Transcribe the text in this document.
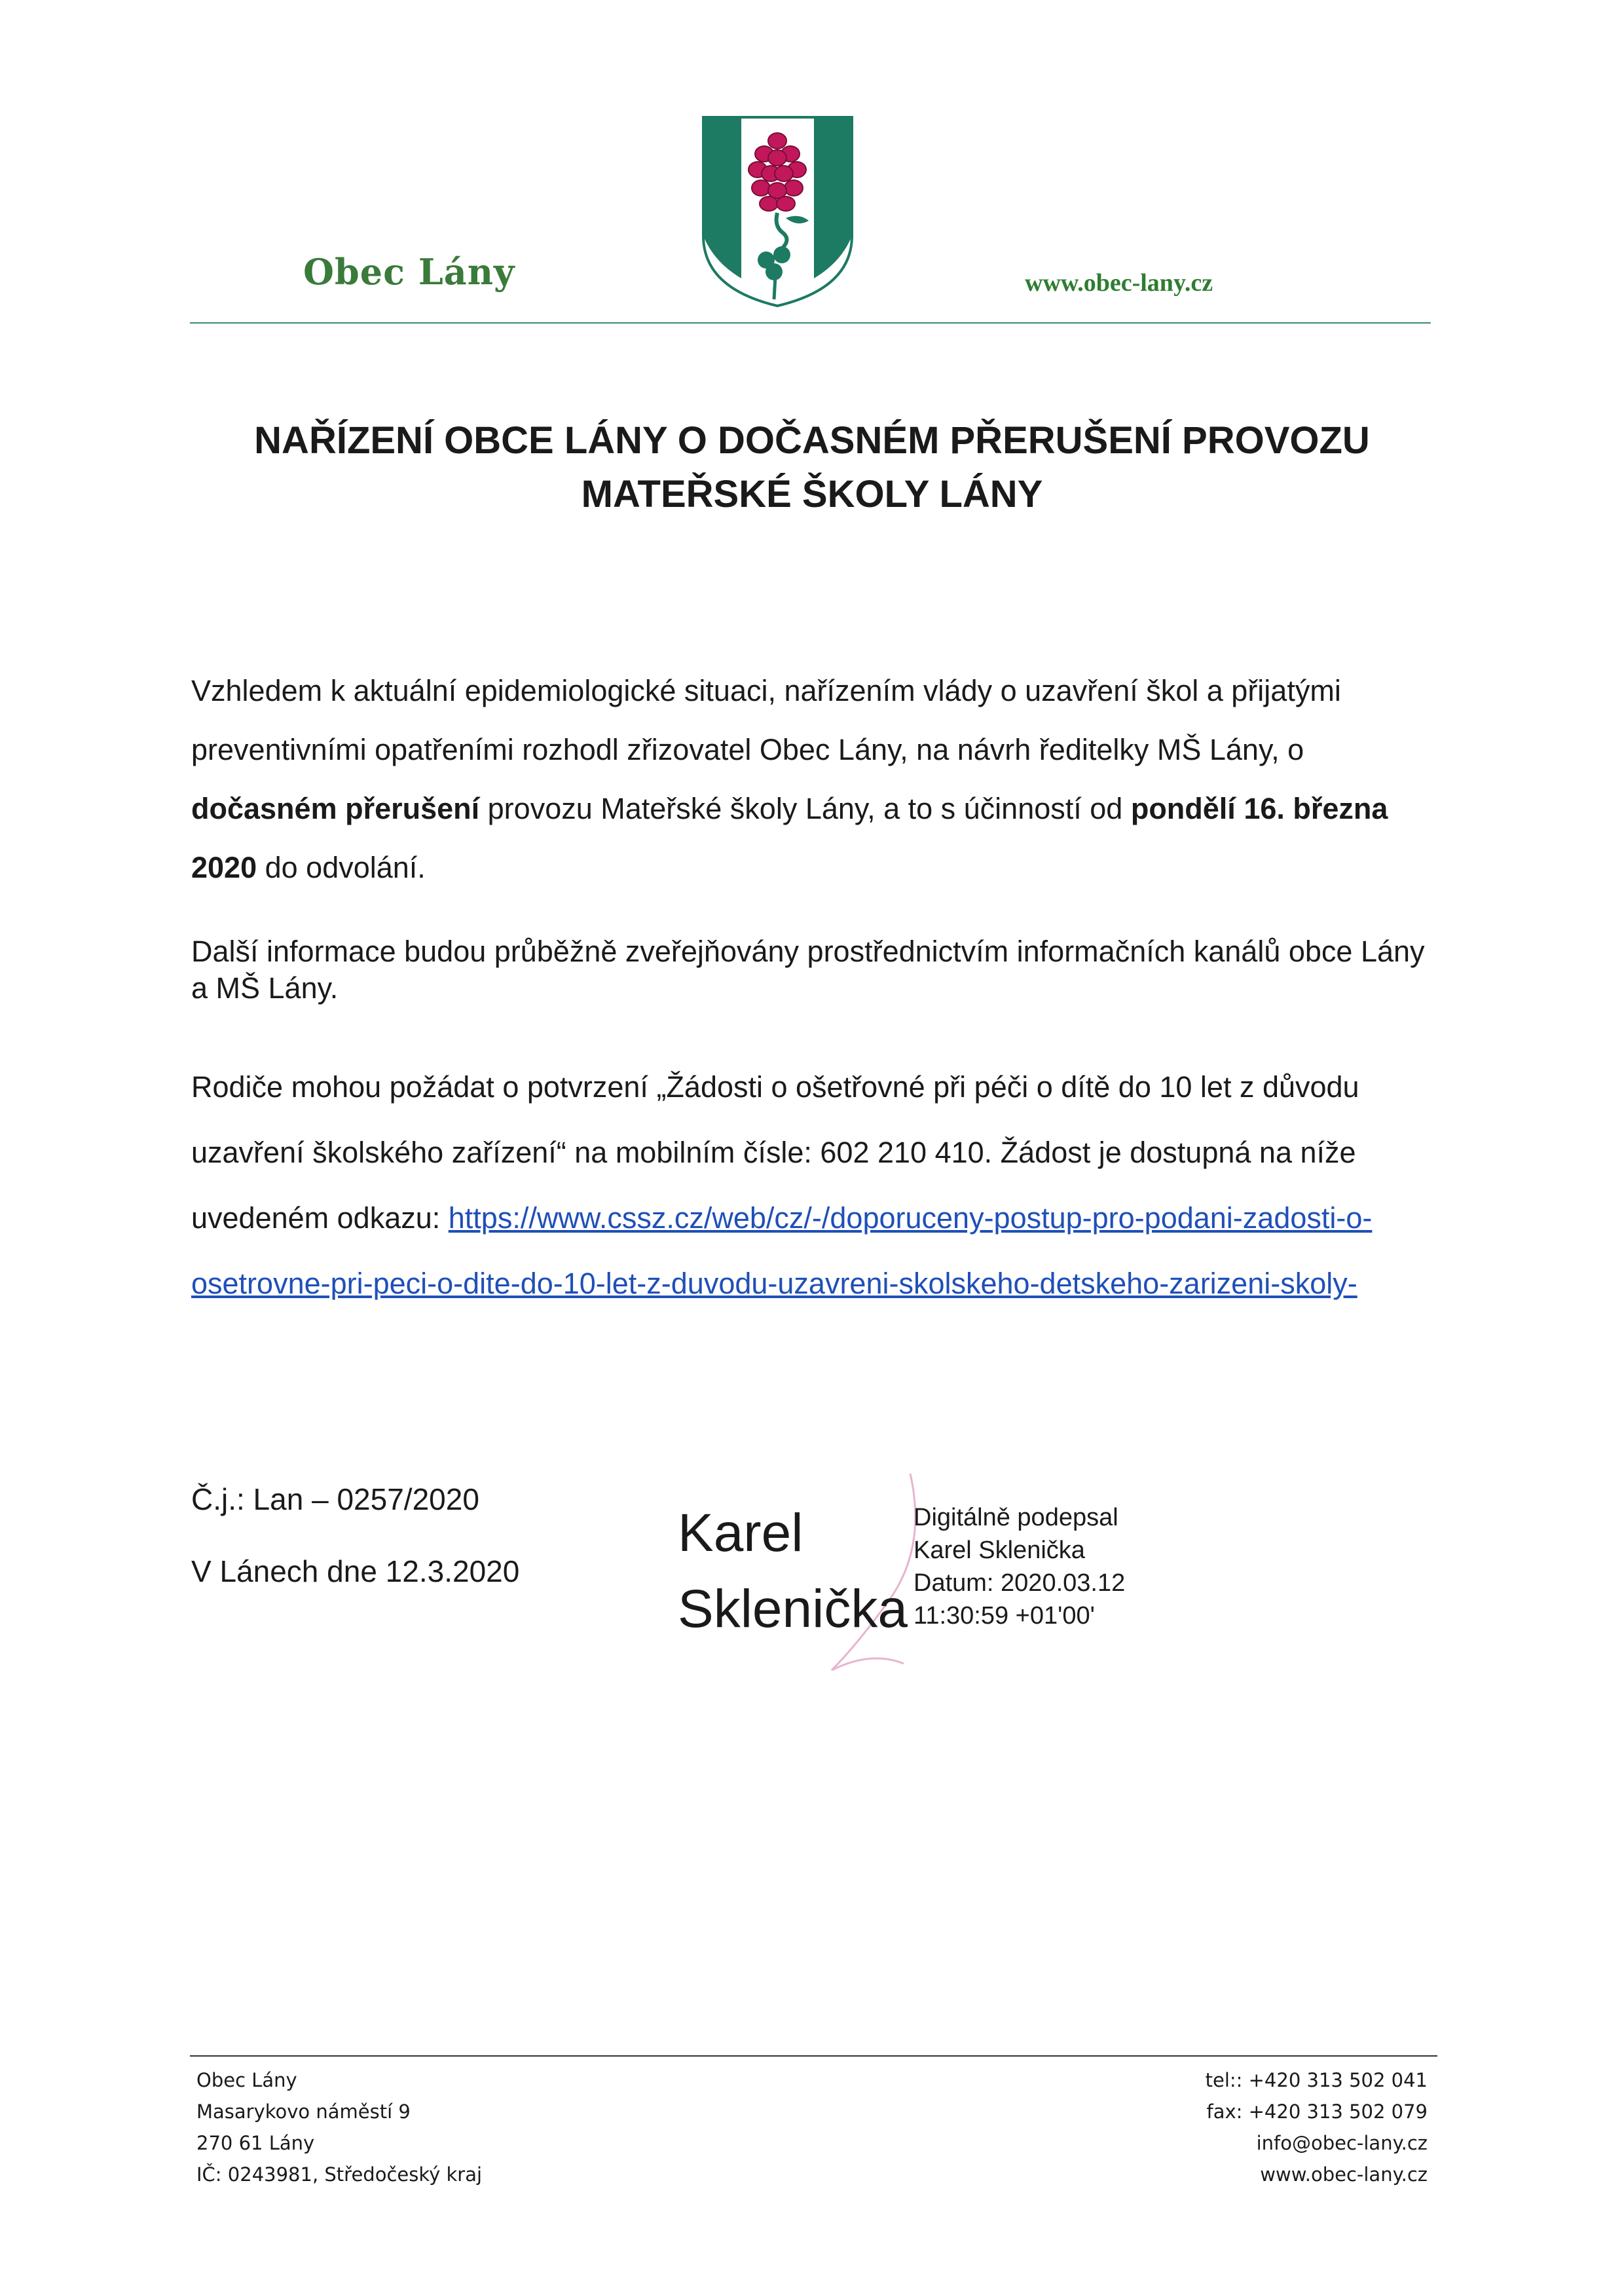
Obec Lány	www.obec-lany.cz
NAŘÍZENÍ OBCE LÁNY O DOČASNÉM PŘERUŠENÍ PROVOZU
MATEŘSKÉ ŠKOLY LÁNY
Vzhledem k aktuální epidemiologické situaci, nařízením vlády o uzavření škol a přijatými preventivními opatřeními rozhodl zřizovatel Obec Lány, na návrh ředitelky MŠ Lány, o dočasném přerušení provozu Mateřské školy Lány, a to s účinností od pondělí 16. března 2020 do odvolání.
Další informace budou průběžně zveřejňovány prostřednictvím informačních kanálů obce Lány a MŠ Lány.
Rodiče mohou požádat o potvrzení „Žádosti o ošetřovné při péči o dítě do 10 let z důvodu uzavření školského zařízení“ na mobilním čísle: 602 210 410. Žádost je dostupná na níže uvedeném odkazu: https://www.cssz.cz/web/cz/-/doporuceny-postup-pro-podani-zadosti-o-osetrovne-pri-peci-o-dite-do-10-let-z-duvodu-uzavreni-skolskeho-detskeho-zarizeni-skoly-
Č.j.: Lan – 0257/2020
V Lánech dne 12.3.2020
Karel
Sklenička
Digitálně podepsal
Karel Sklenička
Datum: 2020.03.12
11:30:59 +01'00'
Obec Lány
Masarykovo náměstí 9
270 61 Lány
IČ: 0243981, Středočeský kraj
tel:: +420 313 502 041
fax: +420 313 502 079
info@obec-lany.cz
www.obec-lany.cz
